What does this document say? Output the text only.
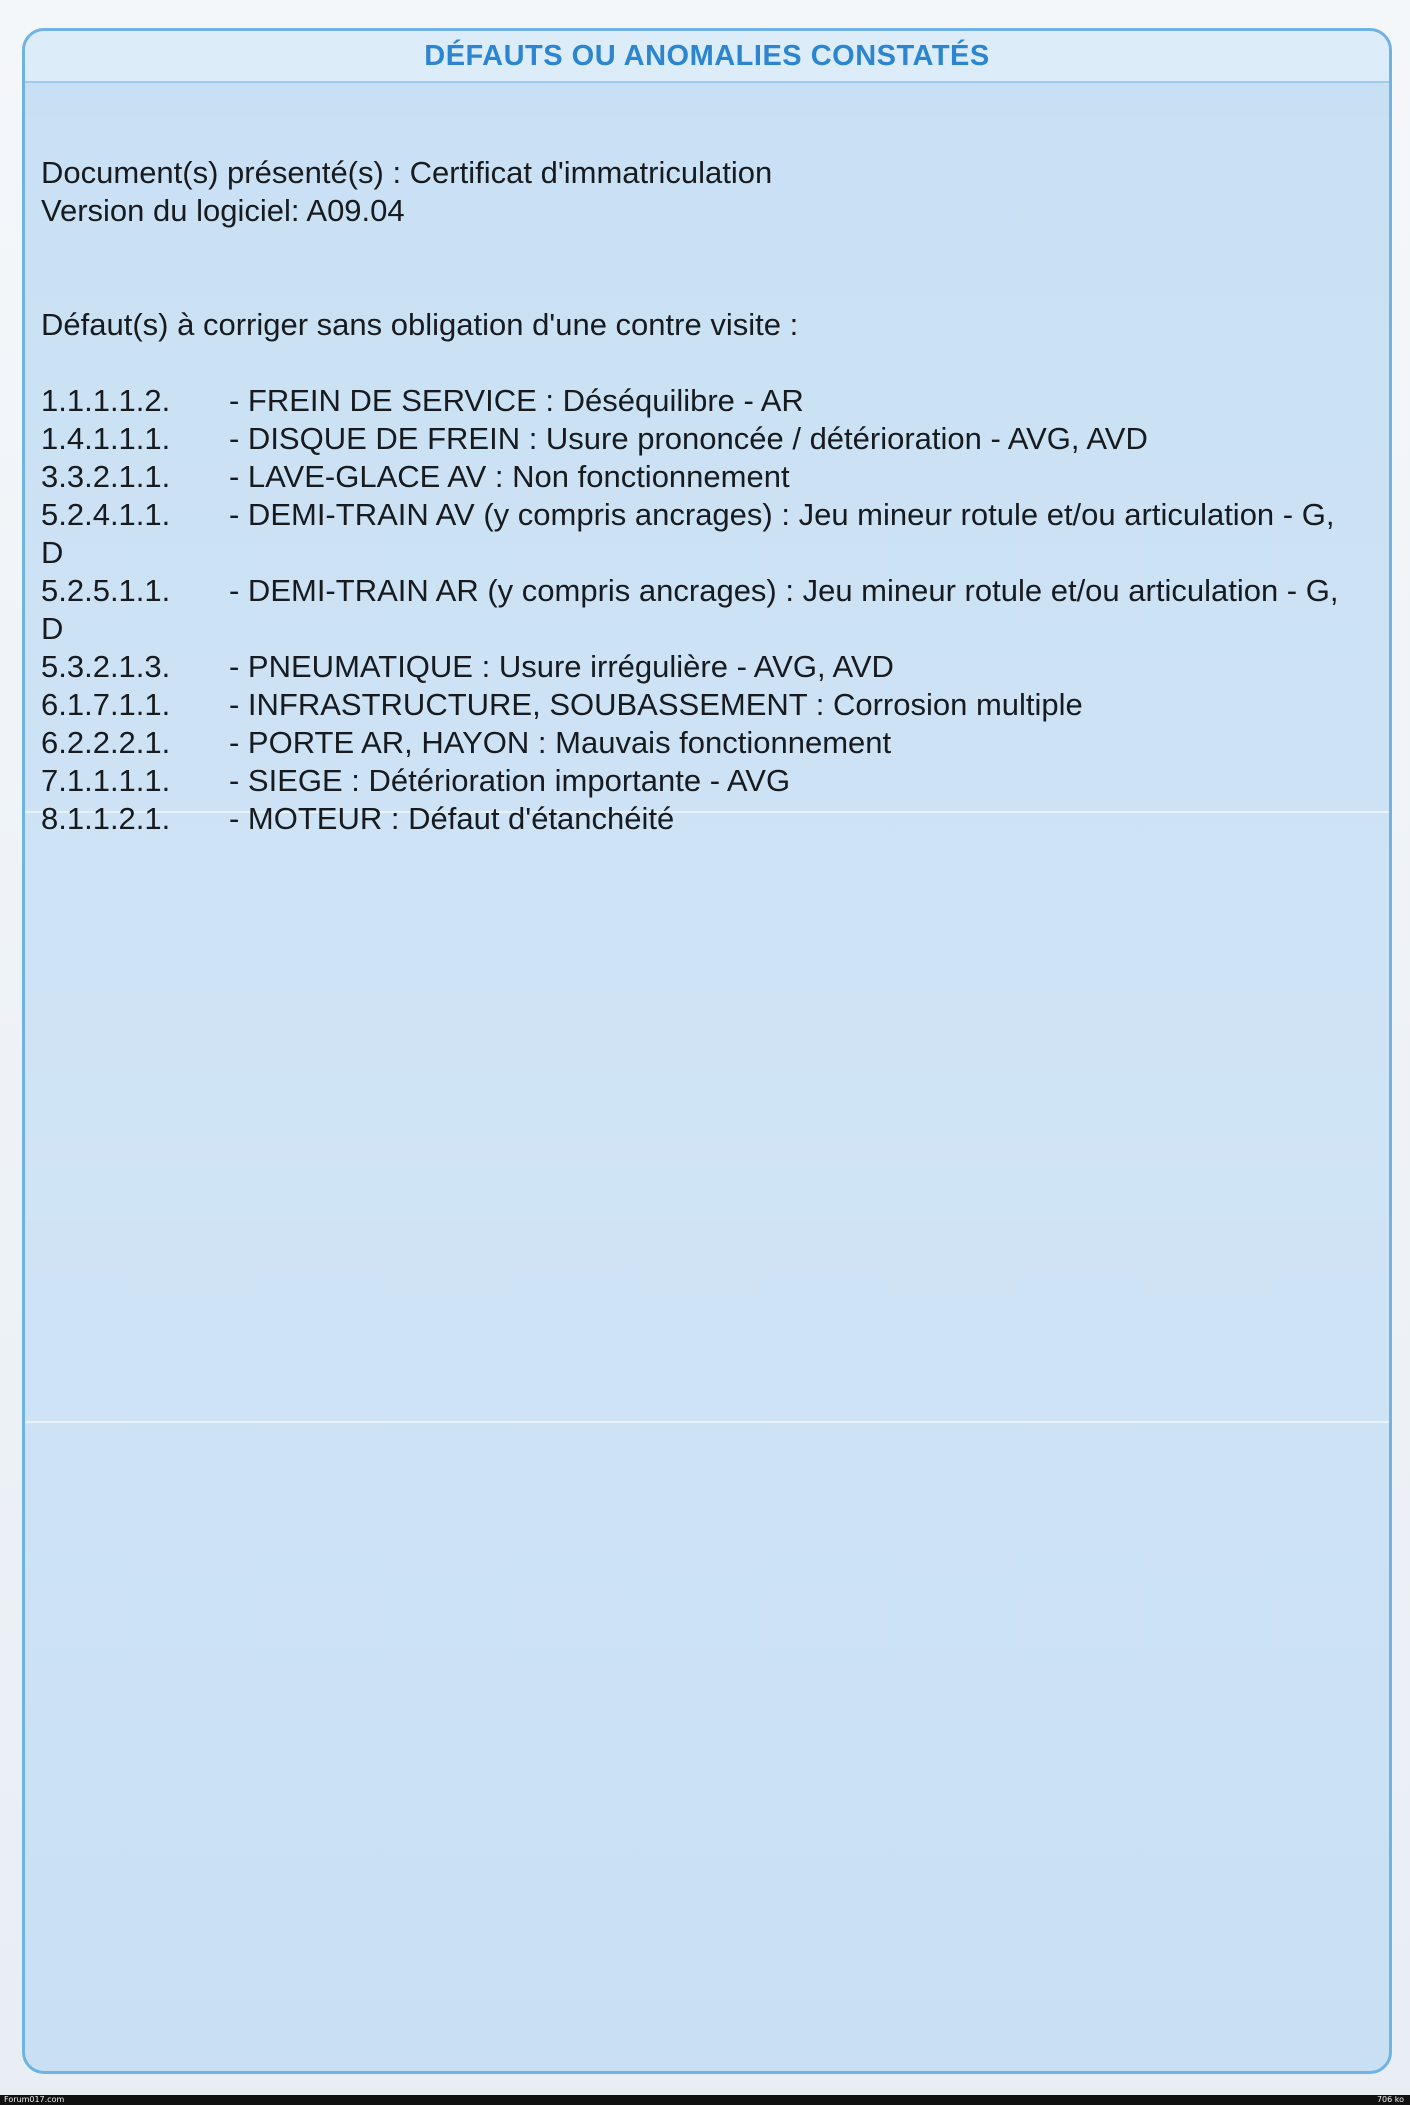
DÉFAUTS OU ANOMALIES CONSTATÉS
Document(s) présenté(s) : Certificat d'immatriculation
Version du logiciel: A09.04
Défaut(s) à corriger sans obligation d'une contre visite :
1.1.1.1.2. - FREIN DE SERVICE : Déséquilibre - AR
1.4.1.1.1. - DISQUE DE FREIN : Usure prononcée / détérioration - AVG, AVD
3.3.2.1.1. - LAVE-GLACE AV : Non fonctionnement
5.2.4.1.1. - DEMI-TRAIN AV (y compris ancrages) : Jeu mineur rotule et/ou articulation - G, D
5.2.5.1.1. - DEMI-TRAIN AR (y compris ancrages) : Jeu mineur rotule et/ou articulation - G, D
5.3.2.1.3. - PNEUMATIQUE : Usure irrégulière - AVG, AVD
6.1.7.1.1. - INFRASTRUCTURE, SOUBASSEMENT : Corrosion multiple
6.2.2.2.1. - PORTE AR, HAYON : Mauvais fonctionnement
7.1.1.1.1. - SIEGE : Détérioration importante - AVG
8.1.1.2.1. - MOTEUR : Défaut d'étanchéité
Forum017.com	706 ko
